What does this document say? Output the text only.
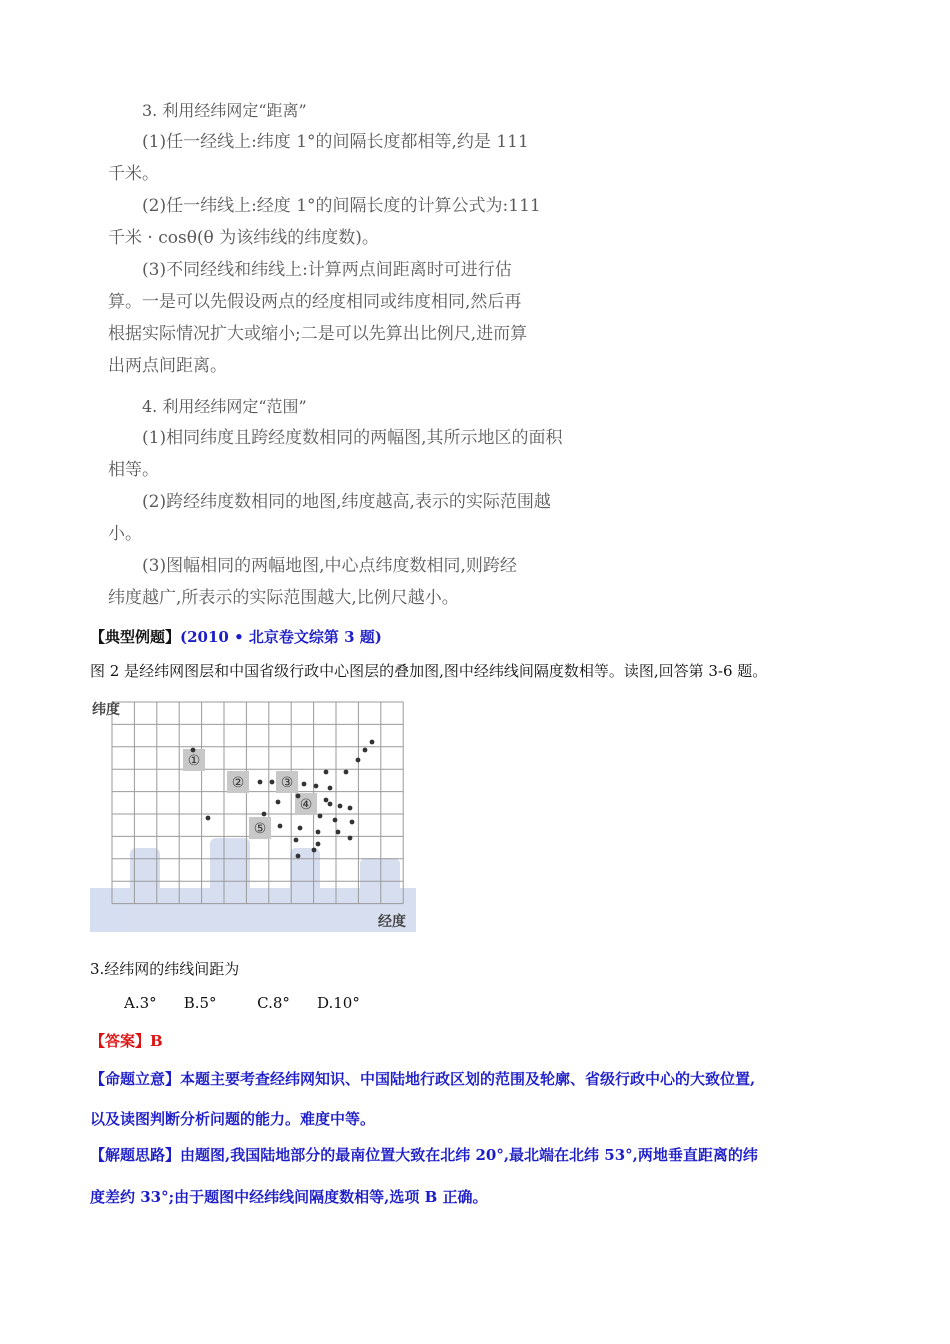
3. 利用经纬网定“距离”

(1)任一经线上:纬度 1°的间隔长度都相等,约是 111

千米。

(2)任一纬线上:经度 1°的间隔长度的计算公式为:111

千米 · cosθ(θ 为该纬线的纬度数)。

(3)不同经线和纬线上:计算两点间距离时可进行估

算。一是可以先假设两点的经度相同或纬度相同,然后再

根据实际情况扩大或缩小;二是可以先算出比例尺,进而算

出两点间距离。

4. 利用经纬网定“范围”

(1)相同纬度且跨经度数相同的两幅图,其所示地区的面积

相等。

(2)跨经纬度数相同的地图,纬度越高,表示的实际范围越

小。

(3)图幅相同的两幅地图,中心点纬度数相同,则跨经

纬度越广,所表示的实际范围越大,比例尺越小。

【典型例题】(2010 • 北京卷文综第 3 题)
图 2 是经纬网图层和中国省级行政中心图层的叠加图,图中经纬线间隔度数相等。读图,回答第 3-6 题。
纬度
经度
①
②	③
④
⑤
3.经纬网的纬线间距为
A.3°    B.5°      C.8°    D.10°
【答案】B
【命题立意】本题主要考查经纬网知识、中国陆地行政区划的范围及轮廓、省级行政中心的大致位置,
以及读图判断分析问题的能力。难度中等。
【解题思路】由题图,我国陆地部分的最南位置大致在北纬 20°,最北端在北纬 53°,两地垂直距离的纬
度差约 33°;由于题图中经纬线间隔度数相等,选项 B 正确。
